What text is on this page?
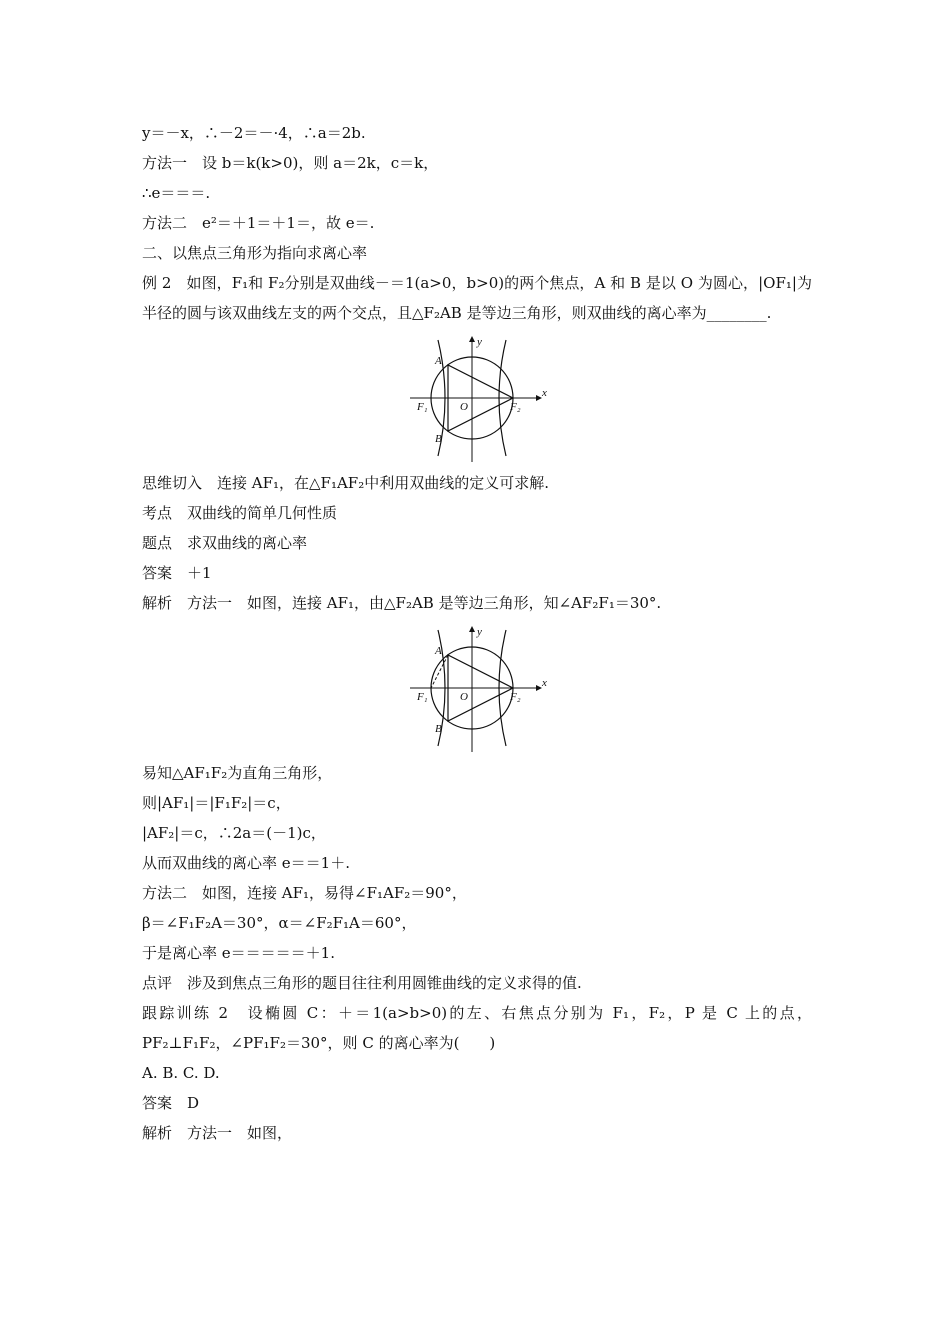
y＝－x，∴－2＝－·4，∴a＝2b.
方法一　设 b＝k(k>0)，则 a＝2k，c＝k，
∴e＝＝＝.
方法二　e²＝＋1＝＋1＝，故 e＝.
二、以焦点三角形为指向求离心率
例 2　如图，F₁和 F₂分别是双曲线－＝1(a>0，b>0)的两个焦点，A 和 B 是以 O 为圆心，|OF₁|为半径的圆与该双曲线左支的两个交点，且△F₂AB 是等边三角形，则双曲线的离心率为________.
A
B
O
F₁	F₂
x
y
思维切入　连接 AF₁，在△F₁AF₂中利用双曲线的定义可求解.
考点　双曲线的简单几何性质
题点　求双曲线的离心率
答案　＋1
解析　方法一　如图，连接 AF₁，由△F₂AB 是等边三角形，知∠AF₂F₁＝30°.
A
B
O
F₁	F₂
x
y
易知△AF₁F₂为直角三角形，
则|AF₁|＝|F₁F₂|＝c，
|AF₂|＝c，∴2a＝(－1)c，
从而双曲线的离心率 e＝＝1＋.
方法二　如图，连接 AF₁，易得∠F₁AF₂＝90°，
β＝∠F₁F₂A＝30°，α＝∠F₂F₁A＝60°，
于是离心率 e＝＝＝＝＝＋1.
点评　涉及到焦点三角形的题目往往利用圆锥曲线的定义求得的值.
跟踪训练 2　设椭圆 C：＋＝1(a>b>0)的左、右焦点分别为 F₁，F₂，P 是 C 上的点，PF₂⊥F₁F₂，∠PF₁F₂＝30°，则 C 的离心率为(　　)
A. B. C. D.
答案　D
解析　方法一　如图，
